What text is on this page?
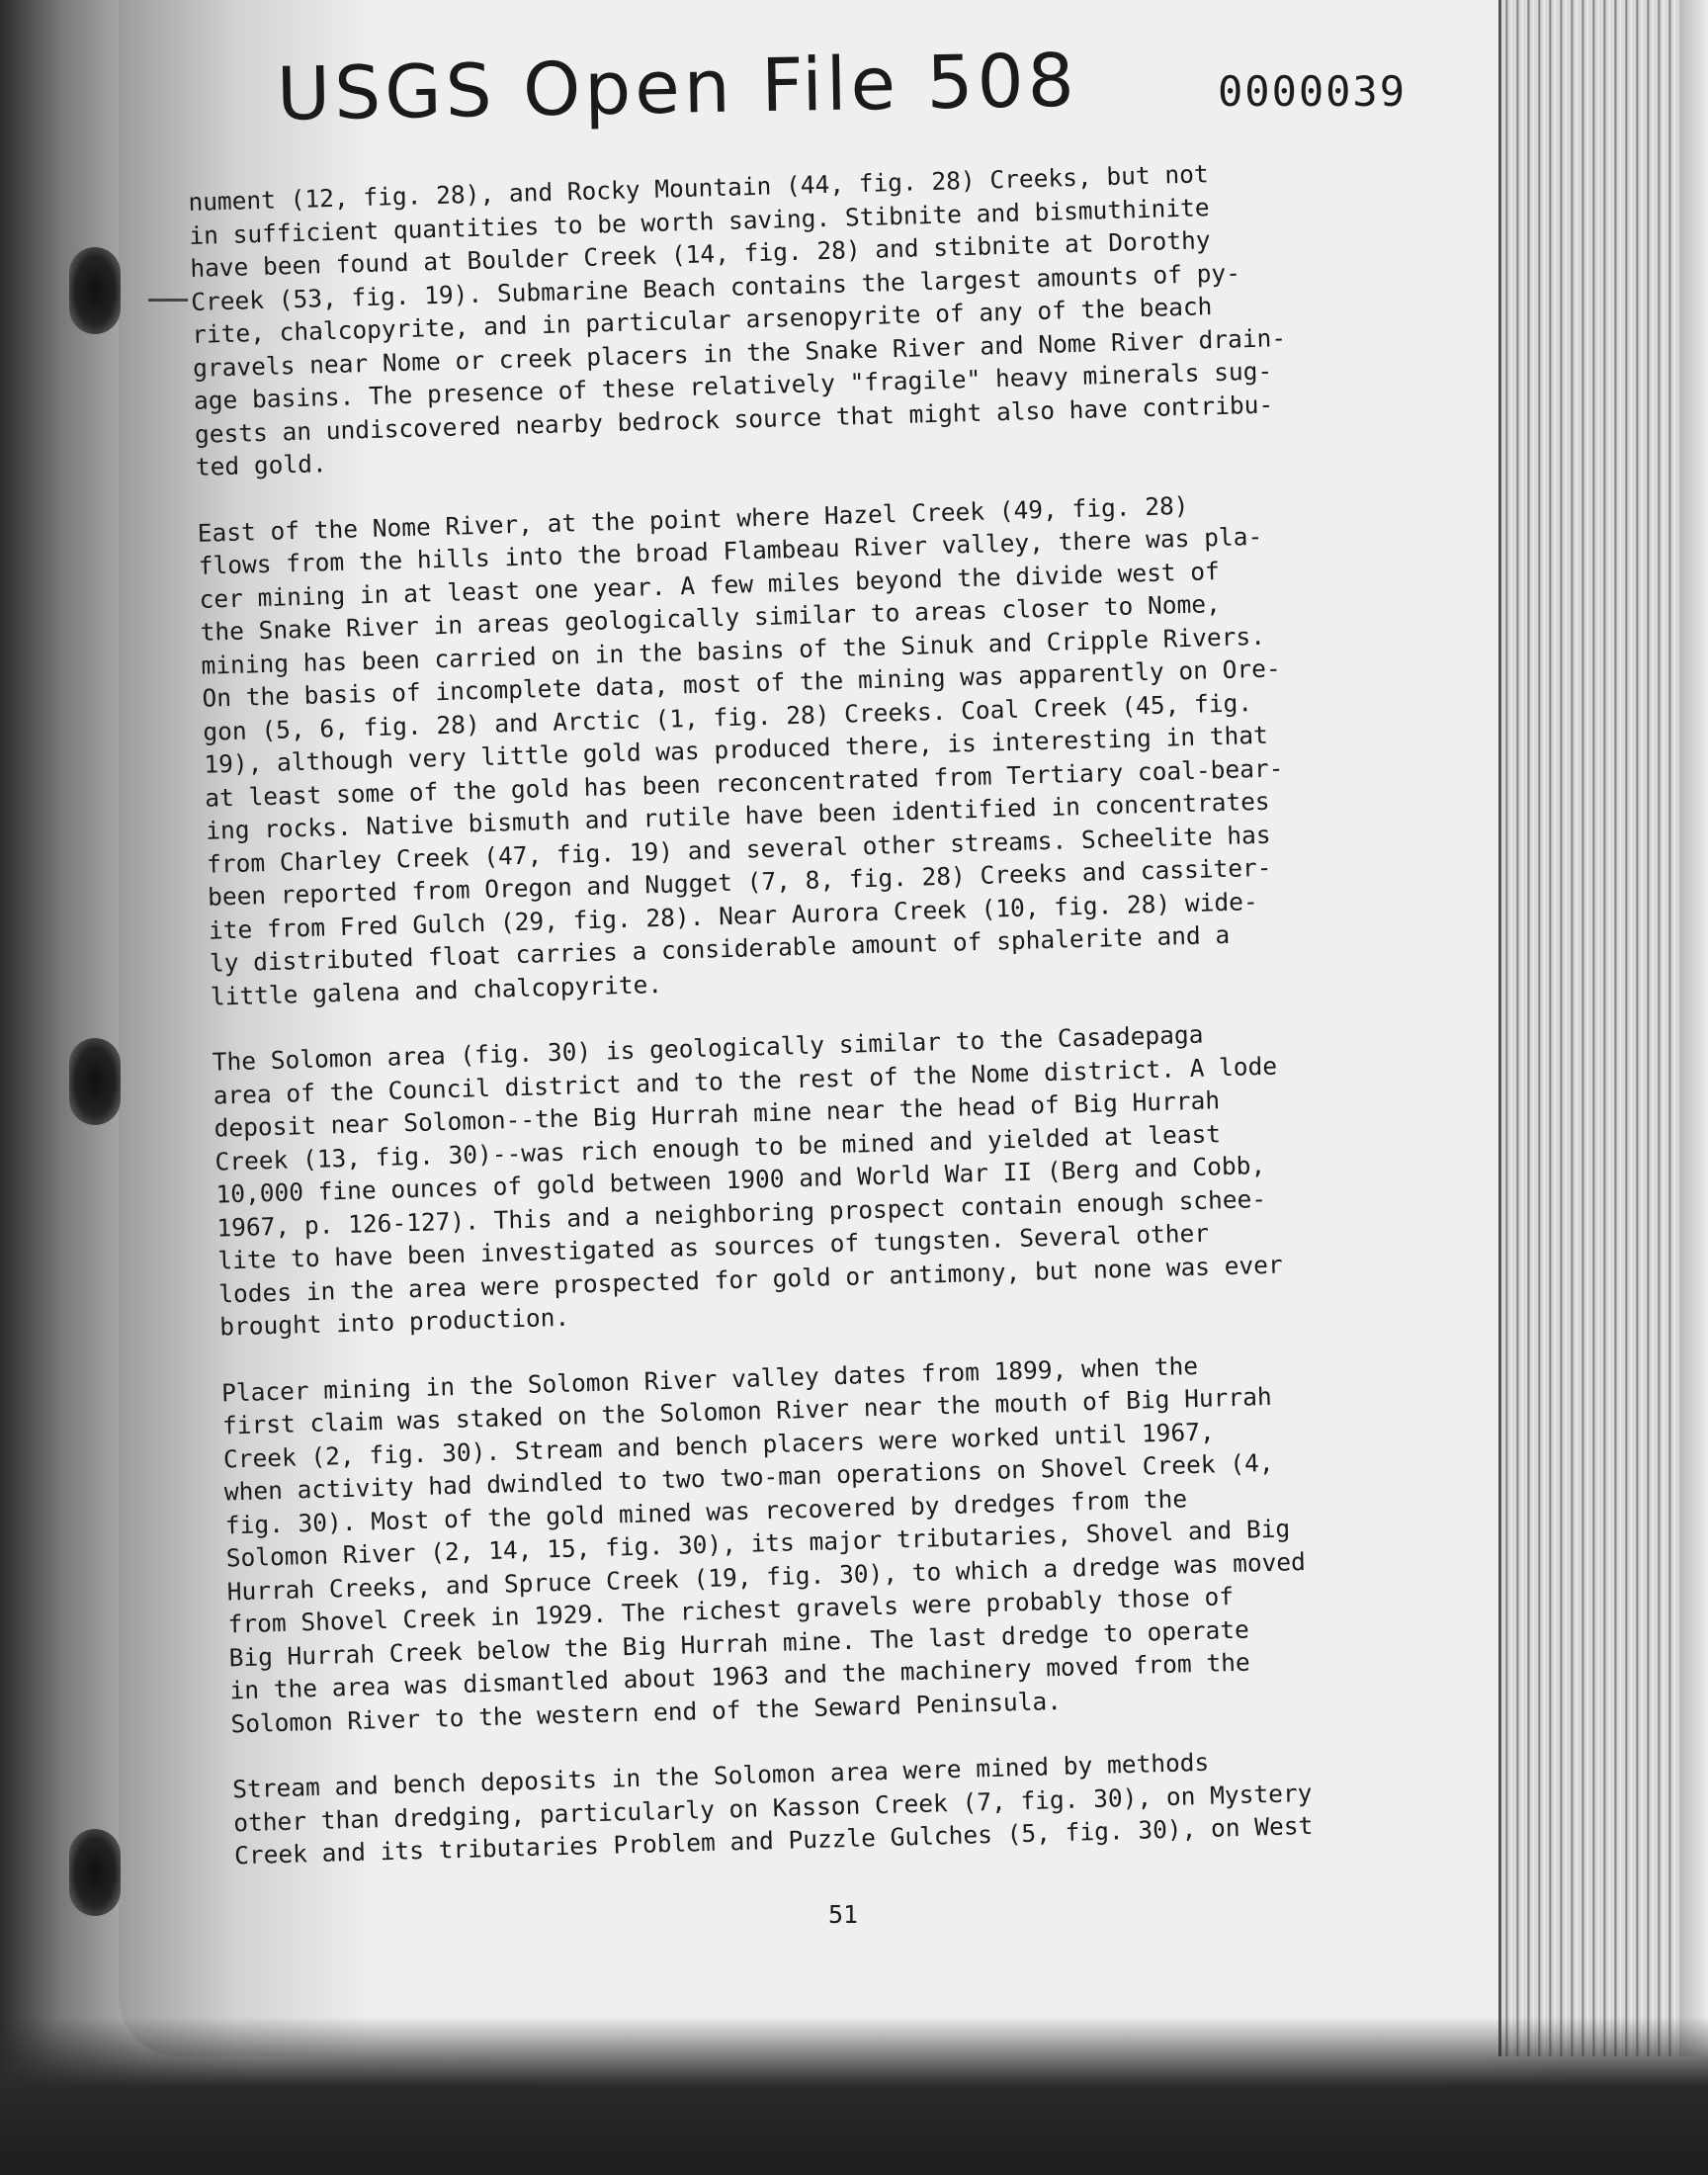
USGS Open File 508	0000039

nument (12, fig. 28), and Rocky Mountain (44, fig. 28) Creeks, but not
in sufficient quantities to be worth saving. Stibnite and bismuthinite
have been found at Boulder Creek (14, fig. 28) and stibnite at Dorothy
Creek (53, fig. 19). Submarine Beach contains the largest amounts of py-
rite, chalcopyrite, and in particular arsenopyrite of any of the beach
gravels near Nome or creek placers in the Snake River and Nome River drain-
age basins. The presence of these relatively "fragile" heavy minerals sug-
gests an undiscovered nearby bedrock source that might also have contribu-
ted gold.

East of the Nome River, at the point where Hazel Creek (49, fig. 28)
flows from the hills into the broad Flambeau River valley, there was pla-
cer mining in at least one year. A few miles beyond the divide west of
the Snake River in areas geologically similar to areas closer to Nome,
mining has been carried on in the basins of the Sinuk and Cripple Rivers.
On the basis of incomplete data, most of the mining was apparently on Ore-
gon (5, 6, fig. 28) and Arctic (1, fig. 28) Creeks. Coal Creek (45, fig.
19), although very little gold was produced there, is interesting in that
at least some of the gold has been reconcentrated from Tertiary coal-bear-
ing rocks. Native bismuth and rutile have been identified in concentrates
from Charley Creek (47, fig. 19) and several other streams. Scheelite has
been reported from Oregon and Nugget (7, 8, fig. 28) Creeks and cassiter-
ite from Fred Gulch (29, fig. 28). Near Aurora Creek (10, fig. 28) wide-
ly distributed float carries a considerable amount of sphalerite and a
little galena and chalcopyrite.

The Solomon area (fig. 30) is geologically similar to the Casadepaga
area of the Council district and to the rest of the Nome district. A lode
deposit near Solomon--the Big Hurrah mine near the head of Big Hurrah
Creek (13, fig. 30)--was rich enough to be mined and yielded at least
10,000 fine ounces of gold between 1900 and World War II (Berg and Cobb,
1967, p. 126-127). This and a neighboring prospect contain enough schee-
lite to have been investigated as sources of tungsten. Several other
lodes in the area were prospected for gold or antimony, but none was ever
brought into production.

Placer mining in the Solomon River valley dates from 1899, when the
first claim was staked on the Solomon River near the mouth of Big Hurrah
Creek (2, fig. 30). Stream and bench placers were worked until 1967,
when activity had dwindled to two two-man operations on Shovel Creek (4,
fig. 30). Most of the gold mined was recovered by dredges from the
Solomon River (2, 14, 15, fig. 30), its major tributaries, Shovel and Big
Hurrah Creeks, and Spruce Creek (19, fig. 30), to which a dredge was moved
from Shovel Creek in 1929. The richest gravels were probably those of
Big Hurrah Creek below the Big Hurrah mine. The last dredge to operate
in the area was dismantled about 1963 and the machinery moved from the
Solomon River to the western end of the Seward Peninsula.

Stream and bench deposits in the Solomon area were mined by methods
other than dredging, particularly on Kasson Creek (7, fig. 30), on Mystery
Creek and its tributaries Problem and Puzzle Gulches (5, fig. 30), on West

51
